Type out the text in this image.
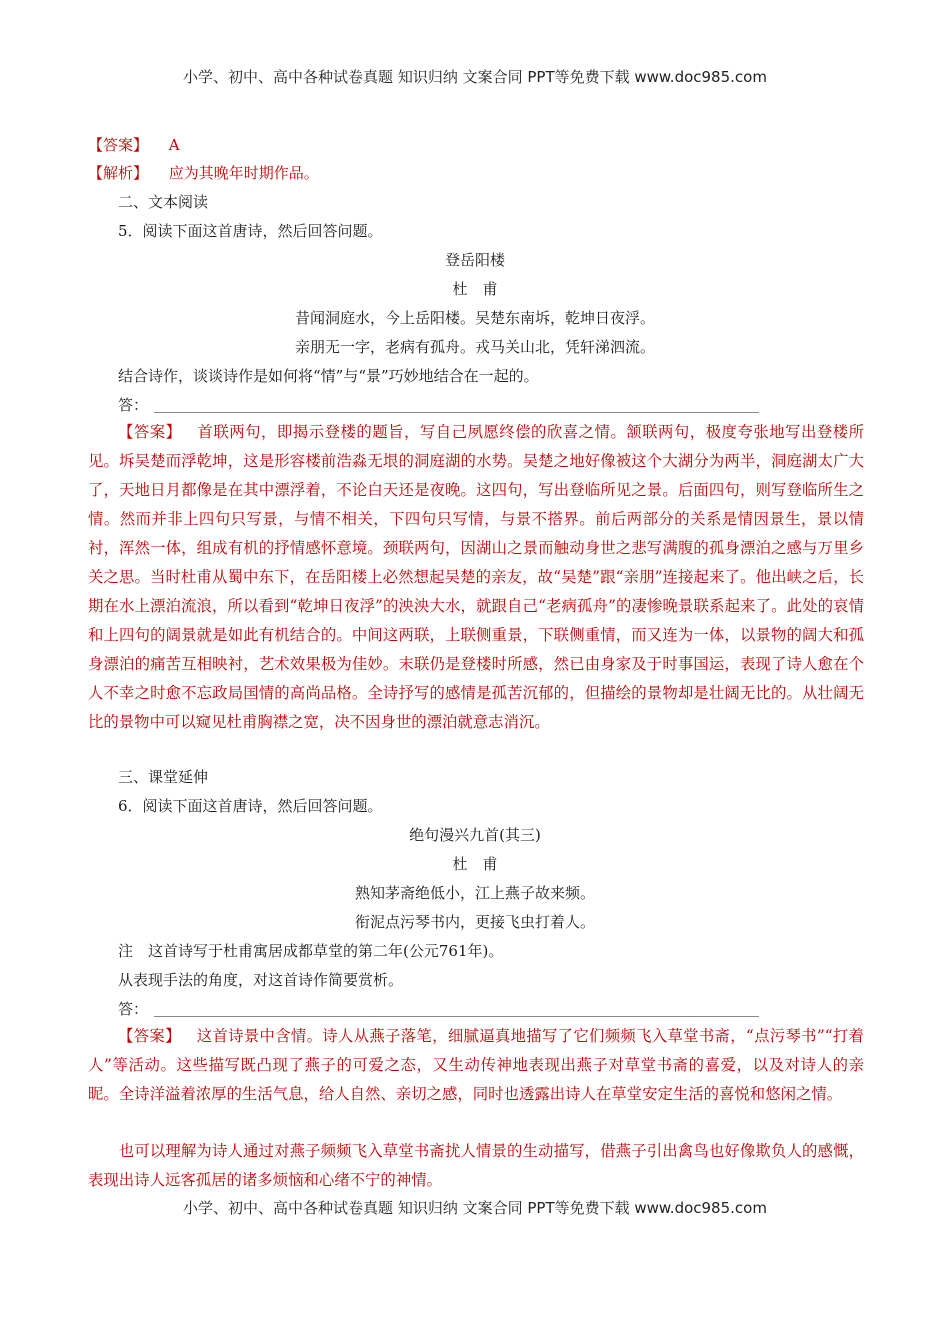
小学、初中、高中各种试卷真题 知识归纳 文案合同 PPT等免费下载 www.doc985.com
【答案】 A
【解析】 应为其晚年时期作品。
二、文本阅读
5．阅读下面这首唐诗，然后回答问题。
登岳阳楼
杜　甫
昔闻洞庭水，今上岳阳楼。吴楚东南坼，乾坤日夜浮。
亲朋无一字，老病有孤舟。戎马关山北，凭轩涕泗流。
结合诗作，谈谈诗作是如何将“情”与“景”巧妙地结合在一起的。
答：
【答案】 首联两句，即揭示登楼的题旨，写自己夙愿终偿的欣喜之情。颔联两句，极度夸张地写出登楼所见。坼吴楚而浮乾坤，这是形容楼前浩淼无垠的洞庭湖的水势。吴楚之地好像被这个大湖分为两半，洞庭湖太广大了，天地日月都像是在其中漂浮着，不论白天还是夜晚。这四句，写出登临所见之景。后面四句，则写登临所生之情。然而并非上四句只写景，与情不相关，下四句只写情，与景不搭界。前后两部分的关系是情因景生，景以情衬，浑然一体，组成有机的抒情感怀意境。颈联两句，因湖山之景而触动身世之悲写满腹的孤身漂泊之感与万里乡关之思。当时杜甫从蜀中东下，在岳阳楼上必然想起吴楚的亲友，故“吴楚”跟“亲朋”连接起来了。他出峡之后，长期在水上漂泊流浪，所以看到“乾坤日夜浮”的泱泱大水，就跟自己“老病孤舟”的凄惨晚景联系起来了。此处的哀情和上四句的阔景就是如此有机结合的。中间这两联，上联侧重景，下联侧重情，而又连为一体，以景物的阔大和孤身漂泊的痛苦互相映衬，艺术效果极为佳妙。末联仍是登楼时所感，然已由身家及于时事国运，表现了诗人愈在个人不幸之时愈不忘政局国情的高尚品格。全诗抒写的感情是孤苦沉郁的，但描绘的景物却是壮阔无比的。从壮阔无比的景物中可以窥见杜甫胸襟之宽，决不因身世的漂泊就意志消沉。
三、课堂延伸
6．阅读下面这首唐诗，然后回答问题。
绝句漫兴九首(其三)
杜　甫
熟知茅斋绝低小，江上燕子故来频。
衔泥点污琴书内，更接飞虫打着人。
注　这首诗写于杜甫寓居成都草堂的第二年(公元761年)。
从表现手法的角度，对这首诗作简要赏析。
答：
【答案】 这首诗景中含情。诗人从燕子落笔，细腻逼真地描写了它们频频飞入草堂书斋，“点污琴书”“打着人”等活动。这些描写既凸现了燕子的可爱之态，又生动传神地表现出燕子对草堂书斋的喜爱，以及对诗人的亲昵。全诗洋溢着浓厚的生活气息，给人自然、亲切之感，同时也透露出诗人在草堂安定生活的喜悦和悠闲之情。
也可以理解为诗人通过对燕子频频飞入草堂书斋扰人情景的生动描写，借燕子引出禽鸟也好像欺负人的感慨，表现出诗人远客孤居的诸多烦恼和心绪不宁的神情。
小学、初中、高中各种试卷真题 知识归纳 文案合同 PPT等免费下载 www.doc985.com
